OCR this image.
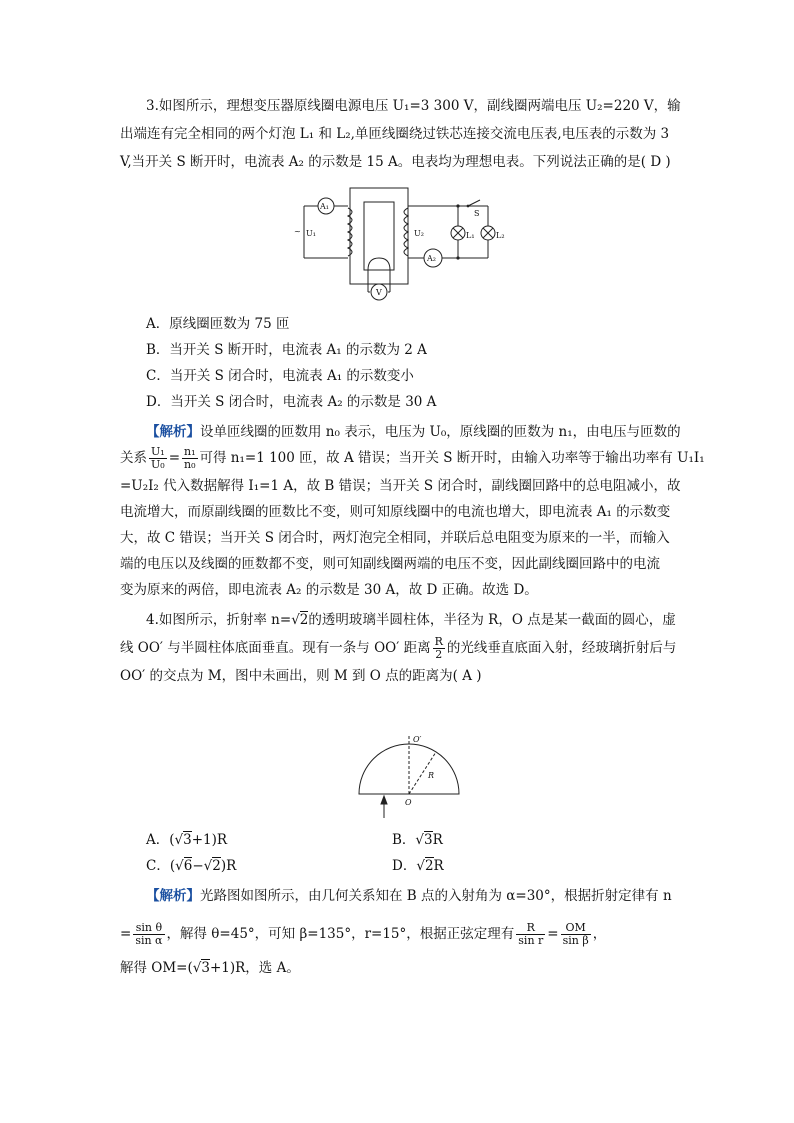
3.如图所示，理想变压器原线圈电源电压 U₁=3 300 V，副线圈两端电压 U₂=220 V，输
出端连有完全相同的两个灯泡 L₁ 和 L₂,单匝线圈绕过铁芯连接交流电压表,电压表的示数为 3
V,当开关 S 断开时，电流表 A₂ 的示数是 15 A。电表均为理想电表。下列说法正确的是( D )
A₁
~ U₁	U₂
A₂
V
S
L₁	L₂
A．原线圈匝数为 75 匝
B．当开关 S 断开时，电流表 A₁ 的示数为 2 A
C．当开关 S 闭合时，电流表 A₁ 的示数变小
D．当开关 S 闭合时，电流表 A₂ 的示数是 30 A
【解析】设单匝线圈的匝数用 n₀ 表示，电压为 U₀，原线圈的匝数为 n₁，由电压与匝数的
关系 $\frac{\text{U₁}}{\text{U₀}} = \frac{\text{n₁}}{\text{n₀}}$ 可得 n₁=1 100 匝，故 A 错误；当开关 S 断开时，由输入功率等于输出功率有 U₁I₁
=U₂I₂ 代入数据解得 I₁=1 A，故 B 错误；当开关 S 闭合时，副线圈回路中的总电阻减小，故
电流增大，而原副线圈的匝数比不变，则可知原线圈中的电流也增大，即电流表 A₁ 的示数变
大，故 C 错误；当开关 S 闭合时，两灯泡完全相同，并联后总电阻变为原来的一半，而输入
端的电压以及线圈的匝数都不变，则可知副线圈两端的电压不变，因此副线圈回路中的电流
变为原来的两倍，即电流表 A₂ 的示数是 30 A，故 D 正确。故选 D。
4.如图所示，折射率 n=√2的透明玻璃半圆柱体，半径为 R，O 点是某一截面的圆心，虚
线 OO′ 与半圆柱体底面垂直。现有一条与 OO′ 距离 $\frac{R}{2}$ 的光线垂直底面入射，经玻璃折射后与
OO′ 的交点为 M，图中未画出，则 M 到 O 点的距离为( A )
O′
O
R
A．(√3+1)R	B．√3R
C．(√6−√2)R	D．√2R
【解析】光路图如图所示，由几何关系知在 B 点的入射角为 α=30°，根据折射定律有 n
= $\frac{\text{sin θ}}{\text{sin α}}$ ，解得 θ=45°，可知 β=135°，r=15°，根据正弦定理有 $\frac{R}{\text{sin r}} = \frac{OM}{\text{sin β}}$ ，
解得 OM=(√3+1)R，选 A。
